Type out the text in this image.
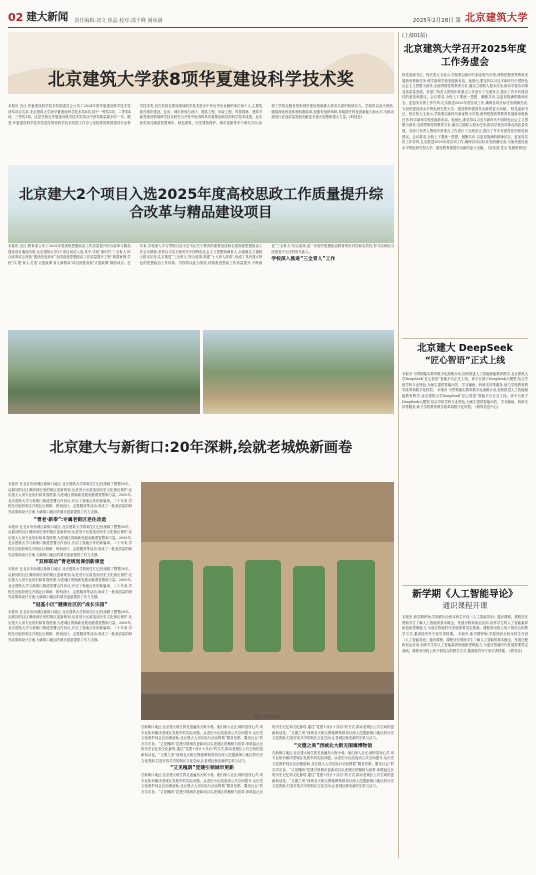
02 建大新闻 责任编辑:刘文 焦晶 校对:邵千峰 满承满	2025年2月28日 第 北京建筑大学
北京建筑大学获8项华夏建设科学技术奖
本报讯 近日,华夏建设科学技术奖励委员会公布了2024年度华夏建设科学技术奖获奖项目名单,北京建筑大学获华夏建设科学技术奖8项,其中一等奖1项、二等奖4项、三等奖3项。这是学校在华夏建设科学技术奖项目中获奖数量最多的一年。据悉,华夏建设科学技术奖是经国家科学技术奖励工作办公室批准的我国建设行业科学技术奖,旨在奖励在建设领域科学技术进步中作出突出贡献的单位和个人,主要奖励在城乡建设、住房、城市规划与设计、建筑工程、市政工程、风景园林、建筑节能等建设领域科学技术研究与开发中取得的具有重要创新性的科学技术成果。此次获奖项目涵盖智慧城市、绿色建筑、历史建筑保护、城市更新等多个研究方向,体现了学校在服务国家城乡建设领域重大需求方面的科研实力。学校将以此为契机,继续深化科技体制机制改革,加强有组织科研,持续提升科技创新能力和水平,为推动建设行业高质量发展贡献更多建大智慧和建大力量。(科技处)
北京建大2个项目入选2025年度高校思政工作质量提升综合改革与精品建设项目
本报讯 近日,教育部公布了2025年度高校思想政治工作质量提升综合改革与精品建设项目遴选结果,北京建筑大学2个项目成功入选,其中,学校“新时代‘三全育人’综合改革试点高校”建设经验获评“全国高校思想政治工作质量提升工程”典型案例,学校“以‘建’育人,打造‘大思政课’育人新格局”项目获批高校“大思政课”精品项目。近年来,学校深入学习贯彻习近平总书记关于教育的重要论述和全国高校思想政治工作会议精神,坚持以习近平新时代中国特色社会主义思想铸魂育人,全面落实立德树人根本任务,扎实推进“三全育人”综合改革,构建“十大育人体系”,形成了具有建大特色的思想政治工作体系。学校将以此为契机,持续推进思政工作质量提升,不断深化“三全育人”综合改革,进一步提升思想政治教育的针对性和实效性,努力培养担当民族复兴大任的时代新人。
学校深入推进“三全育人”工作
北京建大与新街口:20年深耕,绘就老城焕新画卷
本报讯 在北京市西城区新街口地区,北京建筑大学的师生们已经深耕了整整20年。从最初的社区调研到后来的街区更新规划,从老旧小区改造到历史文化街区保护,北京建大人用专业知识和青春热情,为老城区的焕新发展贡献着智慧和力量。2005年,北京建筑大学与新街口街道签署合作协议,开启了校地合作的新篇章。二十年来,学校先后组织师生开展社区调研、规划设计、志愿服务等活动,形成了一批高质量的研究成果和设计方案,为新街口地区的城市更新提供了有力支撑。
“青老·新奉”:专属老街区老住改造
本报讯 在北京市西城区新街口地区,北京建筑大学的师生们已经深耕了整整20年。从最初的社区调研到后来的街区更新规划,从老旧小区改造到历史文化街区保护,北京建大人用专业知识和青春热情,为老城区的焕新发展贡献着智慧和力量。2005年,北京建筑大学与新街口街道签署合作协议,开启了校地合作的新篇章。二十年来,学校先后组织师生开展社区调研、规划设计、志愿服务等活动,形成了一批高质量的研究成果和设计方案,为新街口地区的城市更新提供了有力支撑。
“双师联动”青老规划课创新课堂
本报讯 在北京市西城区新街口地区,北京建筑大学的师生们已经深耕了整整20年。从最初的社区调研到后来的街区更新规划,从老旧小区改造到历史文化街区保护,北京建大人用专业知识和青春热情,为老城区的焕新发展贡献着智慧和力量。2005年,北京建筑大学与新街口街道签署合作协议,开启了校地合作的新篇章。二十年来,学校先后组织师生开展社区调研、规划设计、志愿服务等活动,形成了一批高质量的研究成果和设计方案,为新街口地区的城市更新提供了有力支撑。
“冠基小区”健康社区的“成长乐园”
本报讯 在北京市西城区新街口地区,北京建筑大学的师生们已经深耕了整整20年。从最初的社区调研到后来的街区更新规划,从老旧小区改造到历史文化街区保护,北京建大人用专业知识和青春热情,为老城区的焕新发展贡献着智慧和力量。2005年,北京建筑大学与新街口街道签署合作协议,开启了校地合作的新篇章。二十年来,学校先后组织师生开展社区调研、规划设计、志愿服务等活动,形成了一批高质量的研究成果和设计方案,为新街口地区的城市更新提供了有力支撑。
协作力的2025
在新街口地区,北京建大师生的足迹遍布大街小巷。他们深入社区,倾听居民心声,用专业知识解决老城区发展中的实际问题。从老旧小区改造到公共空间提升,从历史文化保护到社区治理创新,北京建大人用实际行动诠释着“服务首都、服务社会”的办学宗旨。“又见槐荫”党建引领城市更新项目以老城区的槐树为纽带,串联起社区的历史记忆和文化脉络,通过“党建+设计+共治”的方式,推动老城区公共空间的更新和活化。“文德之美”西城北大街无围墙博物馆项目深入挖掘新街口地区的历史文化资源,打造开放共享的街区文化空间,让老城区焕发新的生机与活力。
“又见槐荫”党建引领城市更新
在新街口地区,北京建大师生的足迹遍布大街小巷。他们深入社区,倾听居民心声,用专业知识解决老城区发展中的实际问题。从老旧小区改造到公共空间提升,从历史文化保护到社区治理创新,北京建大人用实际行动诠释着“服务首都、服务社会”的办学宗旨。“又见槐荫”党建引领城市更新项目以老城区的槐树为纽带,串联起社区的历史记忆和文化脉络,通过“党建+设计+共治”的方式,推动老城区公共空间的更新和活化。“文德之美”西城北大街无围墙博物馆项目深入挖掘新街口地区的历史文化资源,打造开放共享的街区文化空间,让老城区焕发新的生机与活力。
“文德之美”西城北大街无围墙博物馆
在新街口地区,北京建大师生的足迹遍布大街小巷。他们深入社区,倾听居民心声,用专业知识解决老城区发展中的实际问题。从老旧小区改造到公共空间提升,从历史文化保护到社区治理创新,北京建大人用实际行动诠释着“服务首都、服务社会”的办学宗旨。“又见槐荫”党建引领城市更新项目以老城区的槐树为纽带,串联起社区的历史记忆和文化脉络,通过“党建+设计+共治”的方式,推动老城区公共空间的更新和活化。“文德之美”西城北大街无围墙博物馆项目深入挖掘新街口地区的历史文化资源,打造开放共享的街区文化空间,让老城区焕发新的生机与活力。
(上接01版)
北京建筑大学召开2025年度工作务虚会
校党委副书记、校长张大玉表示,学校要以新时代新征程为引领,深刻把握高等教育发展新形势新任务,科学谋划学校发展新布局。他指出,要坚持以习近平新时代中国特色社会主义思想为指导,全面贯彻党的教育方针,落实立德树人根本任务,推动学校各项事业高质量发展。各部门负责人围绕年度重点工作进行了交流发言,提出了许多有建设性的意见和建议。会议要求,全校上下要统一思想、凝聚共识,以更加饱满的精神状态、更加务实的工作作风,扎实推进2025年度各项工作,确保各项目标任务圆满完成,为加快建设高水平特色研究型大学、建设教育强国作出新的更大贡献。 校党委副书记、校长张大玉表示,学校要以新时代新征程为引领,深刻把握高等教育发展新形势新任务,科学谋划学校发展新布局。他指出,要坚持以习近平新时代中国特色社会主义思想为指导,全面贯彻党的教育方针,落实立德树人根本任务,推动学校各项事业高质量发展。各部门负责人围绕年度重点工作进行了交流发言,提出了许多有建设性的意见和建议。会议要求,全校上下要统一思想、凝聚共识,以更加饱满的精神状态、更加务实的工作作风,扎实推进2025年度各项工作,确保各项目标任务圆满完成,为加快建设高水平特色研究型大学、建设教育强国作出新的更大贡献。 (宣传部 党办 发展规划处)
北京建大 DeepSeek
“匠心智语”正式上线
本报讯 为贯彻落实教育数字化战略行动,加快推进人工智能赋能教育教学,北京建筑大学DeepSeek“匠心智语”智能平台正式上线。该平台基于DeepSeek大模型,结合学校学科专业特色,为师生提供智能问答、学习辅助、科研支持等服务,助力学校教育教学改革和数字化转型。 本报讯 为贯彻落实教育数字化战略行动,加快推进人工智能赋能教育教学,北京建筑大学DeepSeek“匠心智语”智能平台正式上线。该平台基于DeepSeek大模型,结合学校学科专业特色,为师生提供智能问答、学习辅助、科研支持等服务,助力学校教育教学改革和数字化转型。 (网络信息中心)
新学期《人工智能导论》
通识课程开课
本报讯 新学期伊始,学校面向全校本科生开设《人工智能导论》通识课程。课程旨在帮助学生了解人工智能的基本概念、发展历程和前沿应用,培养学生的人工智能素养和创新思维能力,为适应智能时代发展需要奠定基础。课程采用线上线下相结合的教学方式,邀请校内外专家学者授课。 本报讯 新学期伊始,学校面向全校本科生开设《人工智能导论》通识课程。课程旨在帮助学生了解人工智能的基本概念、发展历程和前沿应用,培养学生的人工智能素养和创新思维能力,为适应智能时代发展需要奠定基础。课程采用线上线下相结合的教学方式,邀请校内外专家学者授课。 (教务处)
